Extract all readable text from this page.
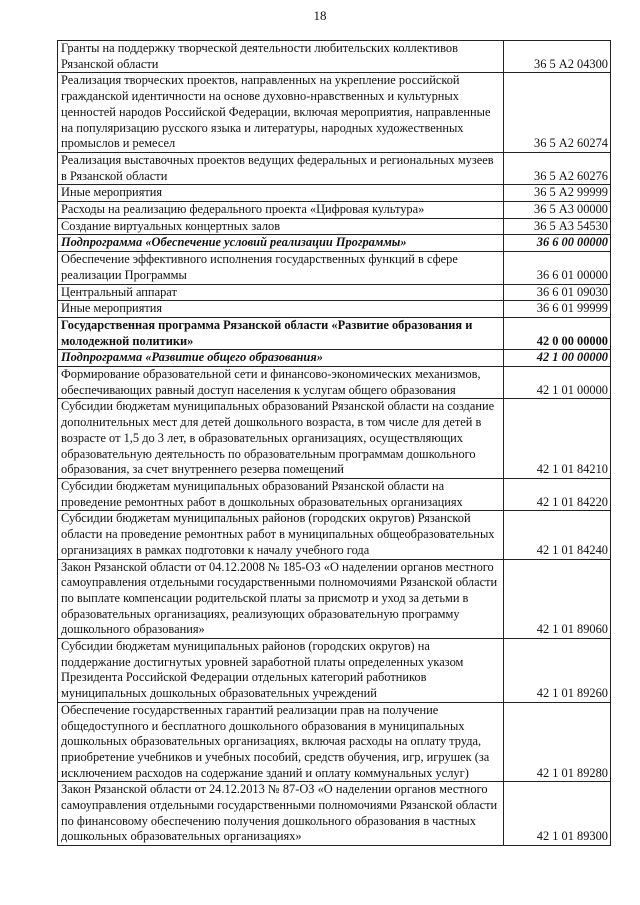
18
Гранты на поддержку творческой деятельности любительских коллективов Рязанской области	36 5 А2 04300
Реализация творческих проектов, направленных на укрепление российской гражданской идентичности на основе духовно-нравственных и культурных ценностей народов Российской Федерации, включая мероприятия, направленные на популяризацию русского языка и литературы, народных художественных промыслов и ремесел	36 5 А2 60274
Реализация выставочных проектов ведущих федеральных и региональных музеев в Рязанской области	36 5 А2 60276
Иные мероприятия	36 5 А2 99999
Расходы на реализацию федерального проекта «Цифровая культура»	36 5 А3 00000
Создание виртуальных концертных залов	36 5 А3 54530
Подпрограмма «Обеспечение условий реализации Программы»	36 6 00 00000
Обеспечение эффективного исполнения государственных функций в сфере реализации Программы	36 6 01 00000
Центральный аппарат	36 6 01 09030
Иные мероприятия	36 6 01 99999
Государственная программа Рязанской области «Развитие образования и молодежной политики»	42 0 00 00000
Подпрограмма «Развитие общего образования»	42 1 00 00000
Формирование образовательной сети и финансово-экономических механизмов, обеспечивающих равный доступ населения к услугам общего образования	42 1 01 00000
Субсидии бюджетам муниципальных образований Рязанской области на создание дополнительных мест для детей дошкольного возраста, в том числе для детей в возрасте от 1,5 до 3 лет, в образовательных организациях, осуществляющих образовательную деятельность по образовательным программам дошкольного образования, за счет внутреннего резерва помещений	42 1 01 84210
Субсидии бюджетам муниципальных образований Рязанской области на проведение ремонтных работ в дошкольных образовательных организациях	42 1 01 84220
Субсидии бюджетам муниципальных районов (городских округов) Рязанской области на проведение ремонтных работ в муниципальных общеобразовательных организациях в рамках подготовки к началу учебного года	42 1 01 84240
Закон Рязанской области от 04.12.2008 № 185-ОЗ «О наделении органов местного самоуправления отдельными государственными полномочиями Рязанской области по выплате компенсации родительской платы за присмотр и уход за детьми в образовательных организациях, реализующих образовательную программу дошкольного образования»	42 1 01 89060
Субсидии бюджетам муниципальных районов (городских округов) на поддержание достигнутых уровней заработной платы определенных указом Президента Российской Федерации отдельных категорий работников муниципальных дошкольных образовательных учреждений	42 1 01 89260
Обеспечение государственных гарантий реализации прав на получение общедоступного и бесплатного дошкольного образования в муниципальных дошкольных образовательных организациях, включая расходы на оплату труда, приобретение учебников и учебных пособий, средств обучения, игр, игрушек (за исключением расходов на содержание зданий и оплату коммунальных услуг)	42 1 01 89280
Закон Рязанской области от 24.12.2013 № 87-ОЗ «О наделении органов местного самоуправления отдельными государственными полномочиями Рязанской области по финансовому обеспечению получения дошкольного образования в частных дошкольных образовательных организациях»	42 1 01 89300
